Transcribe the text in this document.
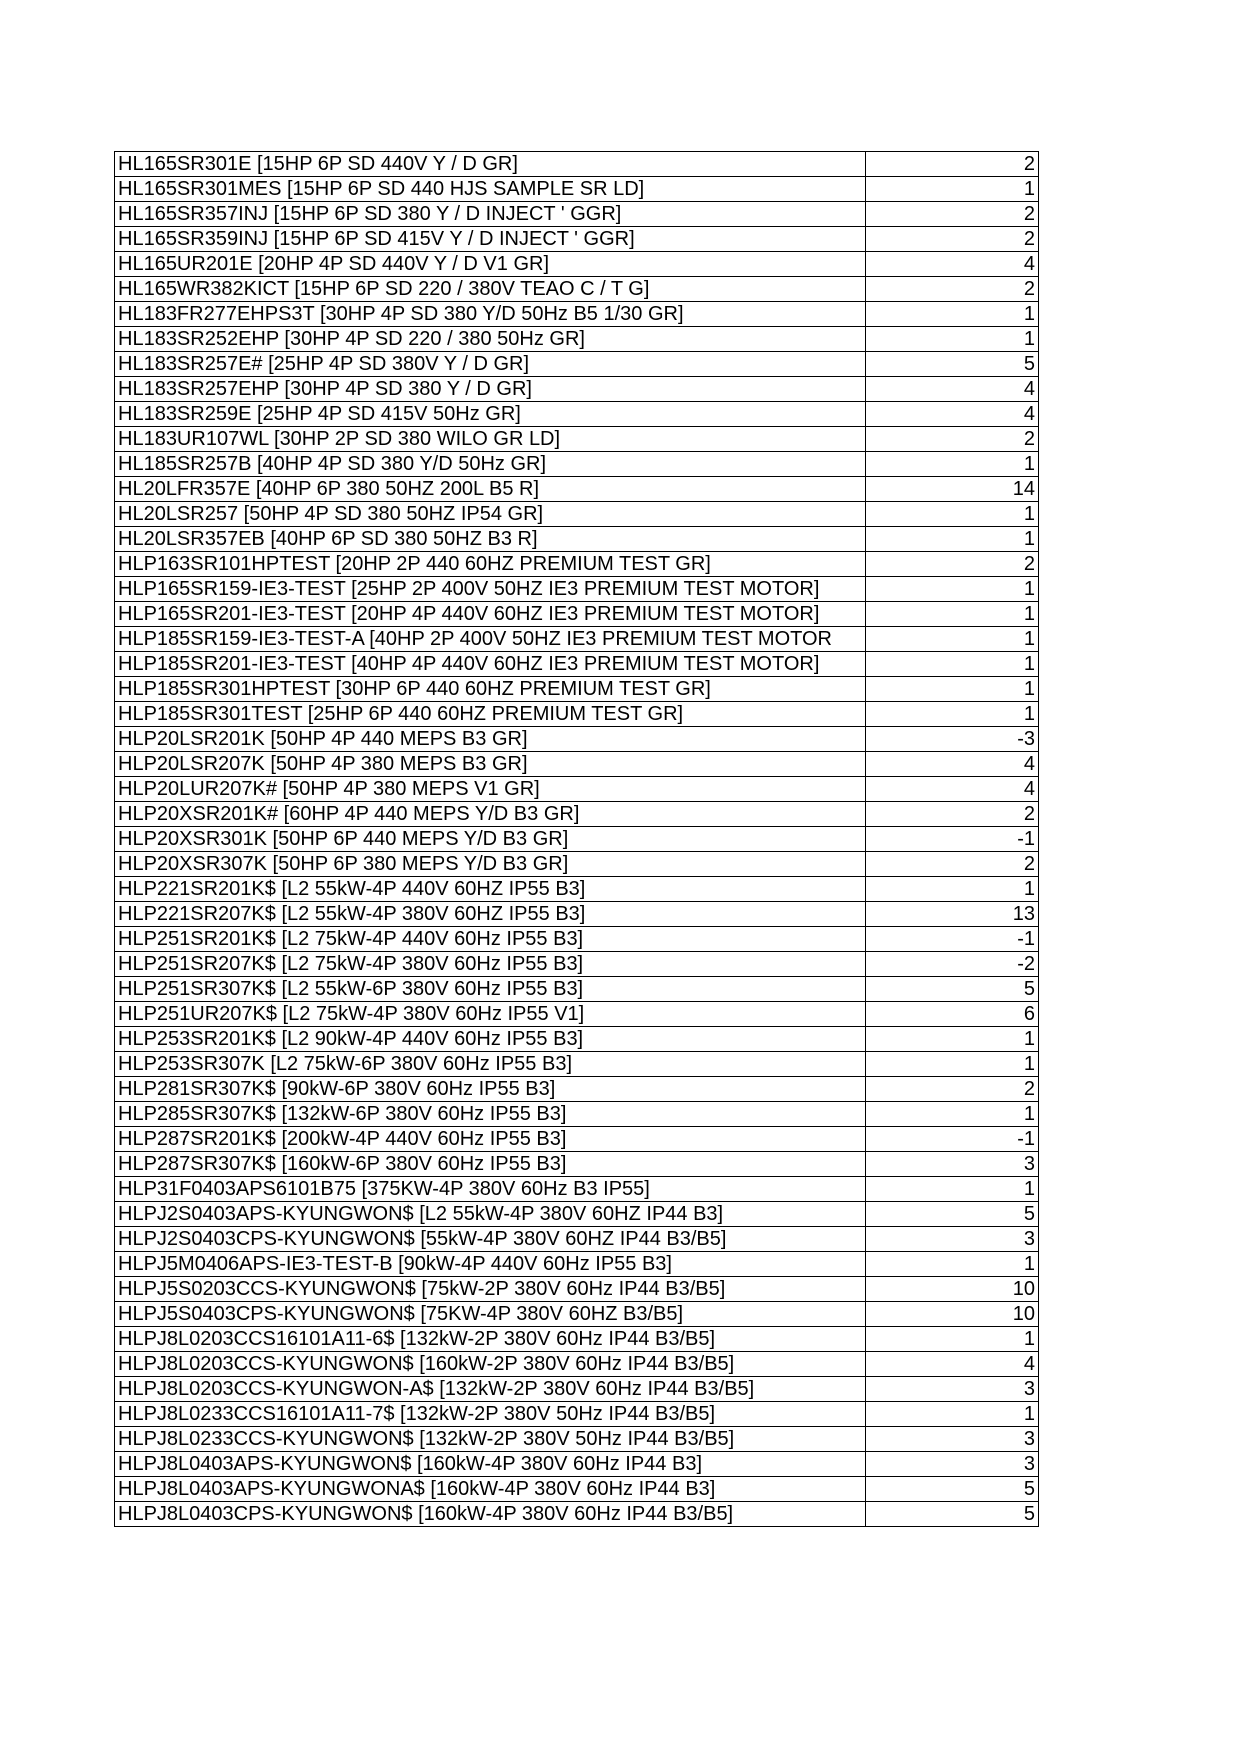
HL165SR301E [15HP 6P SD 440V Y / D GR]	2
HL165SR301MES [15HP 6P SD 440 HJS SAMPLE SR LD]	1
HL165SR357INJ [15HP 6P SD 380 Y / D INJECT ' GGR]	2
HL165SR359INJ [15HP 6P SD 415V Y / D INJECT ' GGR]	2
HL165UR201E [20HP 4P SD 440V Y / D V1 GR]	4
HL165WR382KICT [15HP 6P SD 220 / 380V TEAO C / T G]	2
HL183FR277EHPS3T [30HP 4P SD 380 Y/D 50Hz B5 1/30 GR]	1
HL183SR252EHP [30HP 4P SD 220 / 380 50Hz GR]	1
HL183SR257E# [25HP 4P SD 380V Y / D GR]	5
HL183SR257EHP [30HP 4P SD 380 Y / D GR]	4
HL183SR259E [25HP 4P SD 415V 50Hz GR]	4
HL183UR107WL [30HP 2P SD 380 WILO GR LD]	2
HL185SR257B [40HP 4P SD 380 Y/D 50Hz GR]	1
HL20LFR357E [40HP 6P 380 50HZ 200L B5 R]	14
HL20LSR257 [50HP 4P SD 380 50HZ IP54 GR]	1
HL20LSR357EB [40HP 6P SD 380 50HZ B3 R]	1
HLP163SR101HPTEST [20HP 2P 440 60HZ PREMIUM TEST GR]	2
HLP165SR159-IE3-TEST [25HP 2P 400V 50HZ IE3 PREMIUM TEST MOTOR]	1
HLP165SR201-IE3-TEST [20HP 4P 440V 60HZ IE3 PREMIUM TEST MOTOR]	1
HLP185SR159-IE3-TEST-A [40HP 2P 400V 50HZ IE3 PREMIUM TEST MOTOR	1
HLP185SR201-IE3-TEST [40HP 4P 440V 60HZ IE3 PREMIUM TEST MOTOR]	1
HLP185SR301HPTEST [30HP 6P 440 60HZ PREMIUM TEST GR]	1
HLP185SR301TEST [25HP 6P 440 60HZ PREMIUM TEST GR]	1
HLP20LSR201K [50HP 4P 440 MEPS B3 GR]	-3
HLP20LSR207K [50HP 4P 380 MEPS B3 GR]	4
HLP20LUR207K# [50HP 4P 380 MEPS V1 GR]	4
HLP20XSR201K# [60HP 4P 440 MEPS Y/D B3 GR]	2
HLP20XSR301K [50HP 6P 440 MEPS Y/D B3 GR]	-1
HLP20XSR307K [50HP 6P 380 MEPS Y/D B3 GR]	2
HLP221SR201K$ [L2 55kW-4P 440V 60HZ IP55 B3]	1
HLP221SR207K$ [L2 55kW-4P 380V 60HZ IP55 B3]	13
HLP251SR201K$ [L2 75kW-4P 440V 60Hz IP55 B3]	-1
HLP251SR207K$ [L2 75kW-4P 380V 60Hz IP55 B3]	-2
HLP251SR307K$ [L2 55kW-6P 380V 60Hz IP55 B3]	5
HLP251UR207K$ [L2 75kW-4P 380V 60Hz IP55 V1]	6
HLP253SR201K$ [L2 90kW-4P 440V 60Hz IP55 B3]	1
HLP253SR307K [L2 75kW-6P 380V 60Hz IP55 B3]	1
HLP281SR307K$ [90kW-6P 380V 60Hz IP55 B3]	2
HLP285SR307K$ [132kW-6P 380V 60Hz IP55 B3]	1
HLP287SR201K$ [200kW-4P 440V 60Hz IP55 B3]	-1
HLP287SR307K$ [160kW-6P 380V 60Hz IP55 B3]	3
HLP31F0403APS6101B75 [375KW-4P 380V 60Hz B3 IP55]	1
HLPJ2S0403APS-KYUNGWON$ [L2 55kW-4P 380V 60HZ IP44 B3]	5
HLPJ2S0403CPS-KYUNGWON$ [55kW-4P 380V 60HZ IP44 B3/B5]	3
HLPJ5M0406APS-IE3-TEST-B [90kW-4P 440V 60Hz IP55 B3]	1
HLPJ5S0203CCS-KYUNGWON$ [75kW-2P 380V 60Hz IP44 B3/B5]	10
HLPJ5S0403CPS-KYUNGWON$ [75KW-4P 380V 60HZ B3/B5]	10
HLPJ8L0203CCS16101A11-6$ [132kW-2P 380V 60Hz IP44 B3/B5]	1
HLPJ8L0203CCS-KYUNGWON$ [160kW-2P 380V 60Hz IP44 B3/B5]	4
HLPJ8L0203CCS-KYUNGWON-A$ [132kW-2P 380V 60Hz IP44 B3/B5]	3
HLPJ8L0233CCS16101A11-7$ [132kW-2P 380V 50Hz IP44 B3/B5]	1
HLPJ8L0233CCS-KYUNGWON$ [132kW-2P 380V 50Hz IP44 B3/B5]	3
HLPJ8L0403APS-KYUNGWON$ [160kW-4P 380V 60Hz IP44 B3]	3
HLPJ8L0403APS-KYUNGWONA$ [160kW-4P 380V 60Hz IP44 B3]	5
HLPJ8L0403CPS-KYUNGWON$ [160kW-4P 380V 60Hz IP44 B3/B5]	5
